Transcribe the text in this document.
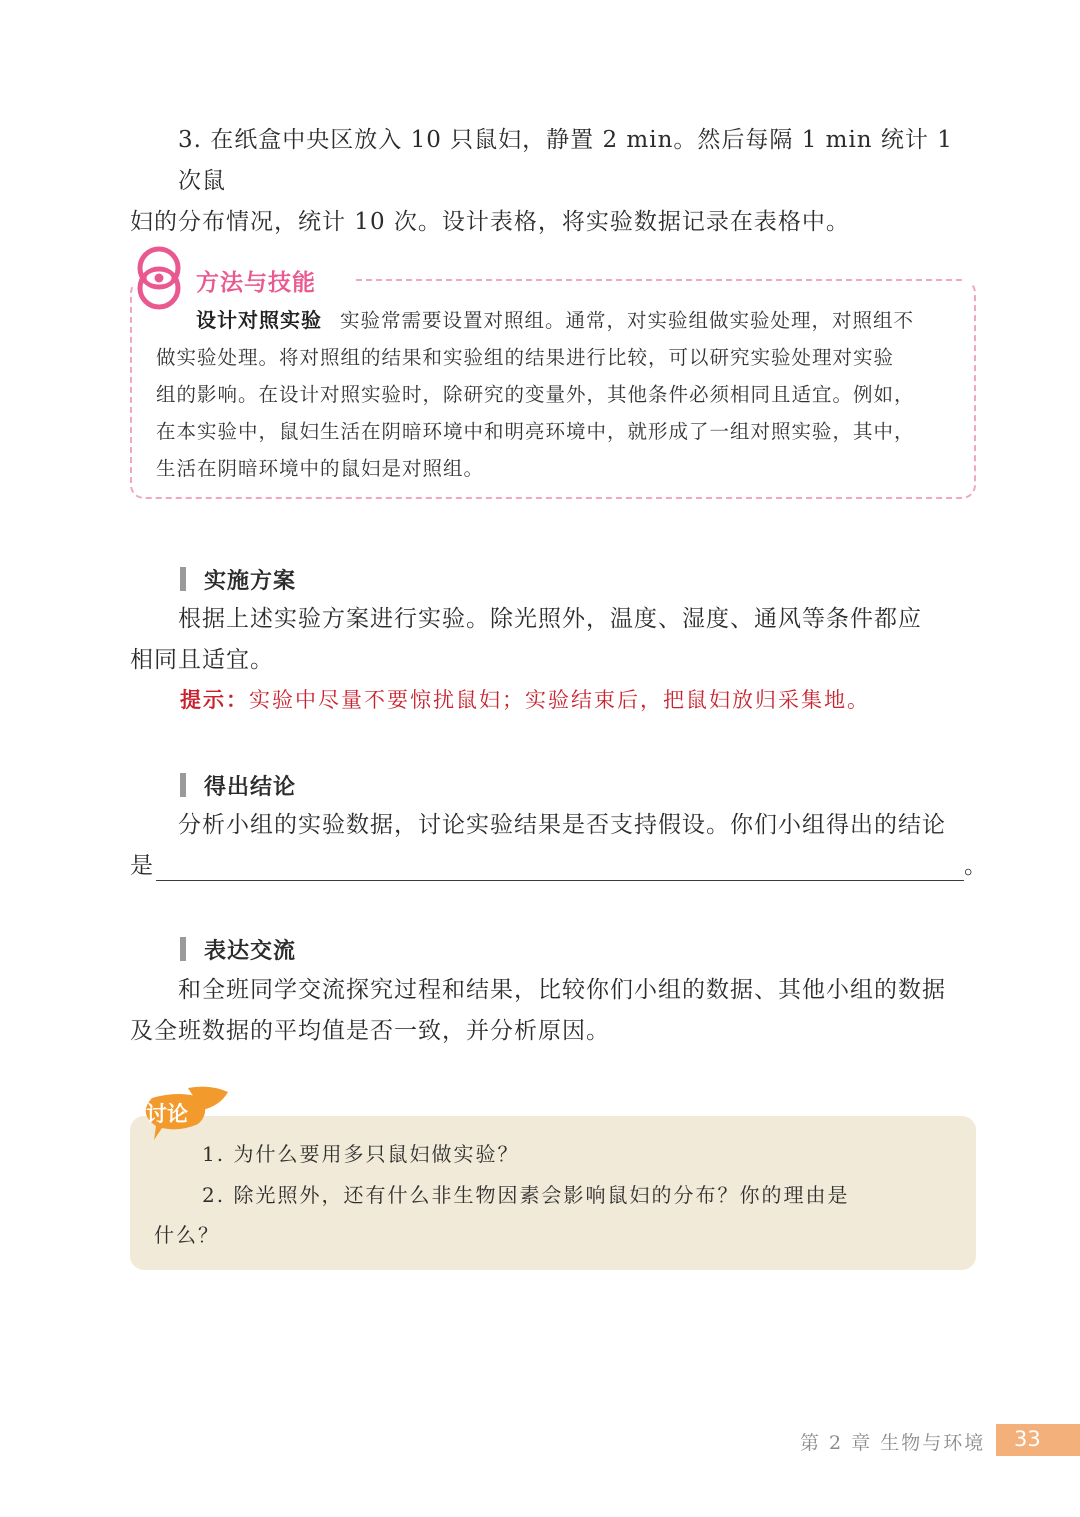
3. 在纸盒中央区放入 10 只鼠妇，静置 2 min。然后每隔 1 min 统计 1 次鼠
妇的分布情况，统计 10 次。设计表格，将实验数据记录在表格中。
方法与技能
设计对照实验 实验常需要设置对照组。通常，对实验组做实验处理，对照组不
做实验处理。将对照组的结果和实验组的结果进行比较，可以研究实验处理对实验
组的影响。在设计对照实验时，除研究的变量外，其他条件必须相同且适宜。例如，
在本实验中，鼠妇生活在阴暗环境中和明亮环境中，就形成了一组对照实验，其中，
生活在阴暗环境中的鼠妇是对照组。
实施方案
根据上述实验方案进行实验。除光照外，温度、湿度、通风等条件都应
相同且适宜。
提示：实验中尽量不要惊扰鼠妇；实验结束后，把鼠妇放归采集地。
得出结论
分析小组的实验数据，讨论实验结果是否支持假设。你们小组得出的结论
是	。
表达交流
和全班同学交流探究过程和结果，比较你们小组的数据、其他小组的数据
及全班数据的平均值是否一致，并分析原因。
讨论
1. 为什么要用多只鼠妇做实验？
2. 除光照外，还有什么非生物因素会影响鼠妇的分布？你的理由是
什么？
第 2 章 生物与环境 33
